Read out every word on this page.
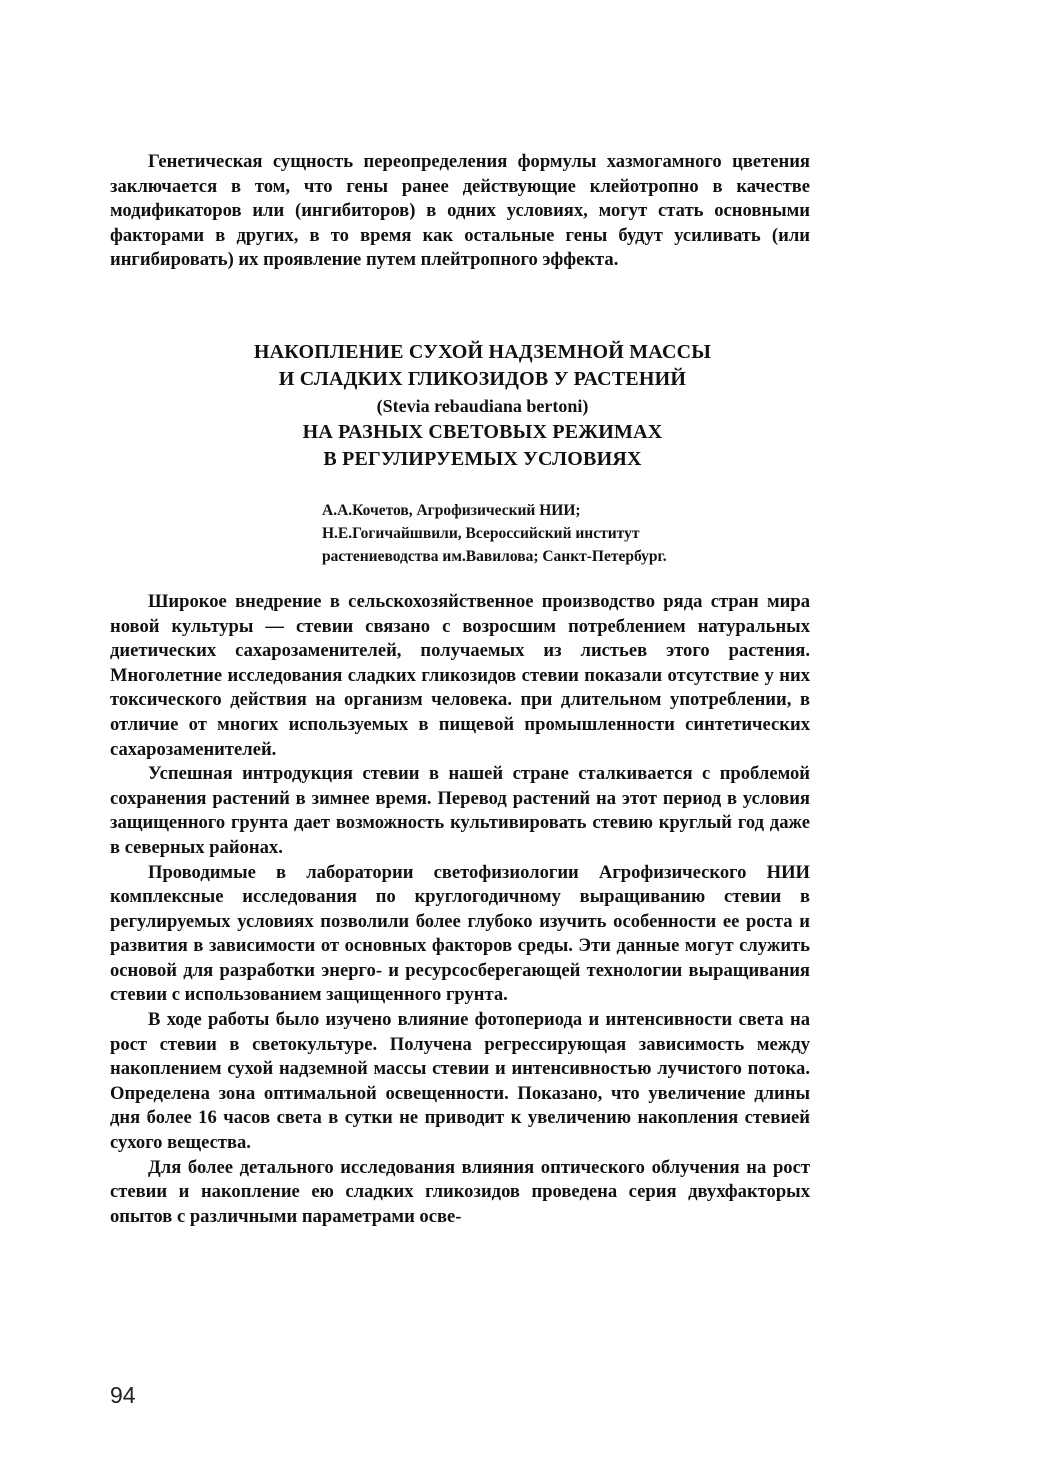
Генетическая сущность переопределения формулы хазмогамного цветения заключается в том, что гены ранее действующие клейотропно в качестве модификаторов или (ингибиторов) в одних условиях, могут стать основными факторами в других, в то время как остальные гены будут усиливать (или ингибировать) их проявление путем плейтропного эффекта.

НАКОПЛЕНИЕ СУХОЙ НАДЗЕМНОЙ МАССЫ
И СЛАДКИХ ГЛИКОЗИДОВ У РАСТЕНИЙ
(Stevia rebaudiana bertoni)
НА РАЗНЫХ СВЕТОВЫХ РЕЖИМАХ
В РЕГУЛИРУЕМЫХ УСЛОВИЯХ
А.А.Кочетов, Агрофизический НИИ;
Н.Е.Гогичайшвили, Всероссийский институт
растениеводства им.Вавилова; Санкт-Петербург.

Широкое внедрение в сельскохозяйственное производство ряда стран мира новой культуры — стевии связано с возросшим потреблением натуральных диетических сахарозаменителей, получаемых из листьев этого растения. Многолетние исследования сладких гликозидов стевии показали отсутствие у них токсического действия на организм человека. при длительном употреблении, в отличие от многих используемых в пищевой промышленности синтетических сахарозаменителей.

Успешная интродукция стевии в нашей стране сталкивается с проблемой сохранения растений в зимнее время. Перевод растений на этот период в условия защищенного грунта дает возможность культивировать стевию круглый год даже в северных районах.

Проводимые в лаборатории светофизиологии Агрофизического НИИ комплексные исследования по круглогодичному выращиванию стевии в регулируемых условиях позволили более глубоко изучить особенности ее роста и развития в зависимости от основных факторов среды. Эти данные могут служить основой для разработки энерго- и ресурсосберегающей технологии выращивания стевии с использованием защищенного грунта.

В ходе работы было изучено влияние фотопериода и интенсивности света на рост стевии в светокультуре. Получена регрессирующая зависимость между накоплением сухой надземной массы стевии и интенсивностью лучистого потока. Определена зона оптимальной освещенности. Показано, что увеличение длины дня более 16 часов света в сутки не приводит к увеличению накопления стевией сухого вещества.

Для более детального исследования влияния оптического облучения на рост стевии и накопление ею сладких гликозидов проведена серия двухфакторых опытов с различными параметрами осве-

94
